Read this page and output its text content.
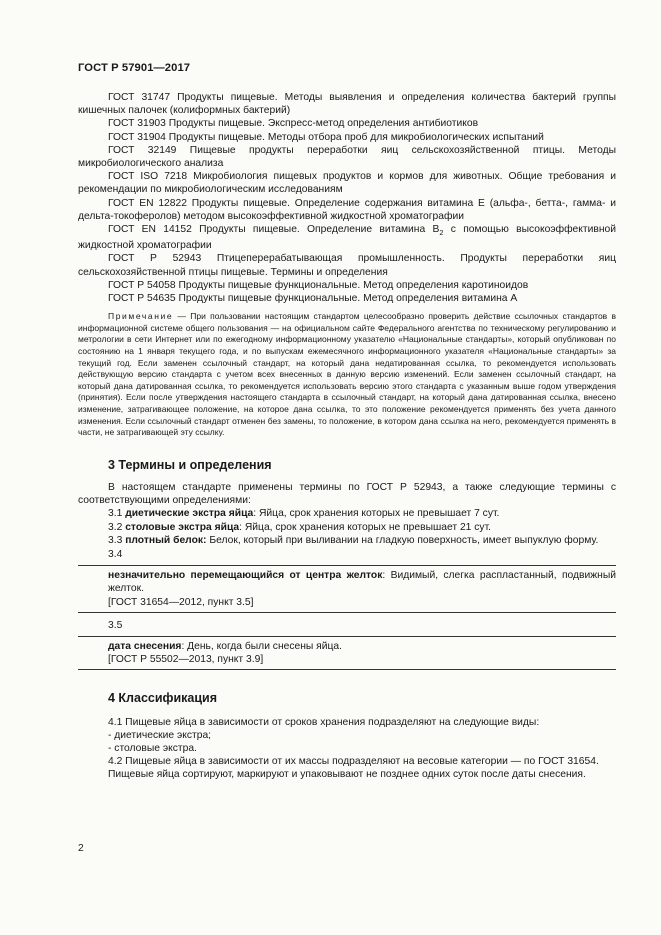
ГОСТ Р 57901—2017

ГОСТ 31747 Продукты пищевые. Методы выявления и определения количества бактерий группы кишечных палочек (колиформных бактерий)

ГОСТ 31903 Продукты пищевые. Экспресс-метод определения антибиотиков

ГОСТ 31904 Продукты пищевые. Методы отбора проб для микробиологических испытаний

ГОСТ 32149 Пищевые продукты переработки яиц сельскохозяйственной птицы. Методы микробиологического анализа

ГОСТ ISO 7218 Микробиология пищевых продуктов и кормов для животных. Общие требования и рекомендации по микробиологическим исследованиям

ГОСТ EN 12822 Продукты пищевые. Определение содержания витамина Е (альфа-, бетта-, гамма- и дельта-токоферолов) методом высокоэффективной жидкостной хроматографии

ГОСТ EN 14152 Продукты пищевые. Определение витамина $B_2$ с помощью высокоэффективной жидкостной хроматографии

ГОСТ Р 52943 Птицеперерабатывающая промышленность. Продукты переработки яиц сельскохозяйственной птицы пищевые. Термины и определения

ГОСТ Р 54058 Продукты пищевые функциональные. Метод определения каротиноидов

ГОСТ Р 54635 Продукты пищевые функциональные. Метод определения витамина А

Примечание — При пользовании настоящим стандартом целесообразно проверить действие ссылочных стандартов в информационной системе общего пользования — на официальном сайте Федерального агентства по техническому регулированию и метрологии в сети Интернет или по ежегодному информационному указателю «Национальные стандарты», который опубликован по состоянию на 1 января текущего года, и по выпускам ежемесячного информационного указателя «Национальные стандарты» за текущий год. Если заменен ссылочный стандарт, на который дана недатированная ссылка, то рекомендуется использовать действующую версию стандарта с учетом всех внесенных в данную версию изменений. Если заменен ссылочный стандарт, на который дана датированная ссылка, то рекомендуется использовать версию этого стандарта с указанным выше годом утверждения (принятия). Если после утверждения настоящего стандарта в ссылочный стандарт, на который дана датированная ссылка, внесено изменение, затрагивающее положение, на которое дана ссылка, то это положение рекомендуется применять без учета данного изменения. Если ссылочный стандарт отменен без замены, то положение, в котором дана ссылка на него, рекомендуется применять в части, не затрагивающей эту ссылку.

3 Термины и определения

В настоящем стандарте применены термины по ГОСТ Р 52943, а также следующие термины с соответствующими определениями:

3.1 диетические экстра яйца: Яйца, срок хранения которых не превышает 7 сут.

3.2 столовые экстра яйца: Яйца, срок хранения которых не превышает 21 сут.

3.3 плотный белок: Белок, который при выливании на гладкую поверхность, имеет выпуклую форму.

3.4

незначительно перемещающийся от центра желток: Видимый, слегка распластанный, подвижный желток.
[ГОСТ 31654—2012, пункт 3.5]

3.5

дата снесения: День, когда были снесены яйца.
[ГОСТ Р 55502—2013, пункт 3.9]
4 Классификация

4.1 Пищевые яйца в зависимости от сроков хранения подразделяют на следующие виды:

- диетические экстра;

- столовые экстра.

4.2 Пищевые яйца в зависимости от их массы подразделяют на весовые категории — по ГОСТ 31654.

Пищевые яйца сортируют, маркируют и упаковывают не позднее одних суток после даты снесения.

2
